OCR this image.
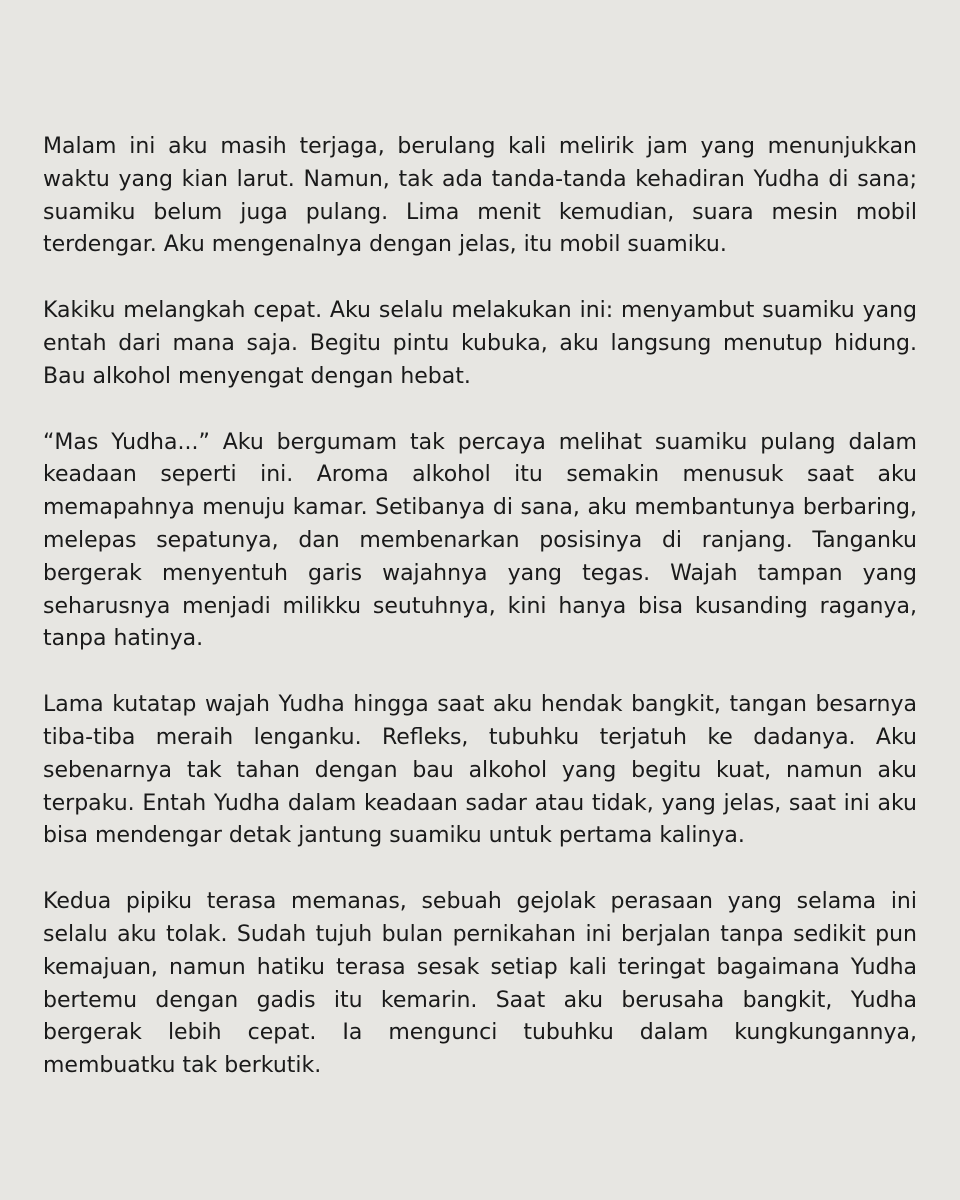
Malam ini aku masih terjaga, berulang kali melirik jam yang menunjukkan waktu yang kian larut. Namun, tak ada tanda-tanda kehadiran Yudha di sana; suamiku belum juga pulang. Lima menit kemudian, suara mesin mobil terdengar. Aku mengenalnya dengan jelas, itu mobil suamiku.

Kakiku melangkah cepat. Aku selalu melakukan ini: menyambut suamiku yang entah dari mana saja. Begitu pintu kubuka, aku langsung menutup hidung. Bau alkohol menyengat dengan hebat.

“Mas Yudha...” Aku bergumam tak percaya melihat suamiku pulang dalam keadaan seperti ini. Aroma alkohol itu semakin menusuk saat aku memapahnya menuju kamar. Setibanya di sana, aku membantunya berbaring, melepas sepatunya, dan membenarkan posisinya di ranjang. Tanganku bergerak menyentuh garis wajahnya yang tegas. Wajah tampan yang seharusnya menjadi milikku seutuhnya, kini hanya bisa kusanding raganya, tanpa hatinya.

Lama kutatap wajah Yudha hingga saat aku hendak bangkit, tangan besarnya tiba-tiba meraih lenganku. Refleks, tubuhku terjatuh ke dadanya. Aku sebenarnya tak tahan dengan bau alkohol yang begitu kuat, namun aku terpaku. Entah Yudha dalam keadaan sadar atau tidak, yang jelas, saat ini aku bisa mendengar detak jantung suamiku untuk pertama kalinya.

Kedua pipiku terasa memanas, sebuah gejolak perasaan yang selama ini selalu aku tolak. Sudah tujuh bulan pernikahan ini berjalan tanpa sedikit pun kemajuan, namun hatiku terasa sesak setiap kali teringat bagaimana Yudha bertemu dengan gadis itu kemarin. Saat aku berusaha bangkit, Yudha bergerak lebih cepat. Ia mengunci tubuhku dalam kungkungannya, membuatku tak berkutik.
